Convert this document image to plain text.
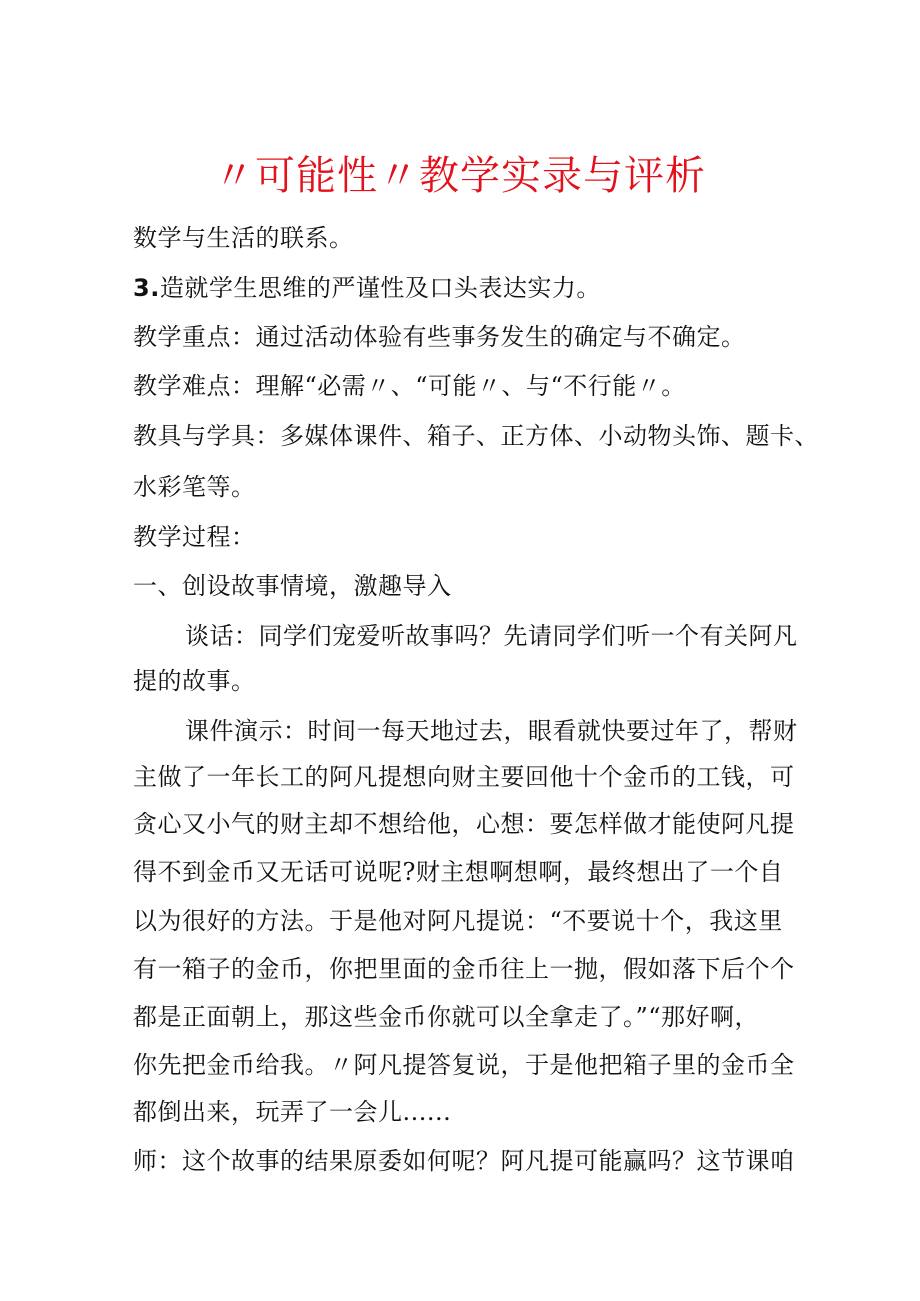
〃可能性〃教学实录与评析
数学与生活的联系。
3.造就学生思维的严谨性及口头表达实力。
教学重点：通过活动体验有些事务发生的确定与不确定。
教学难点：理解“必需〃、“可能〃、与“不行能〃。
教具与学具：多媒体课件、箱子、正方体、小动物头饰、题卡、
水彩笔等。
教学过程：
一、创设故事情境，激趣导入
谈话：同学们宠爱听故事吗？先请同学们听一个有关阿凡
提的故事。
课件演示：时间一每天地过去，眼看就快要过年了，帮财
主做了一年长工的阿凡提想向财主要回他十个金币的工钱，可
贪心又小气的财主却不想给他，心想：要怎样做才能使阿凡提
得不到金币又无话可说呢?财主想啊想啊，最终想出了一个自
以为很好的方法。于是他对阿凡提说：“不要说十个，我这里
有一箱子的金币，你把里面的金币往上一抛，假如落下后个个
都是正面朝上，那这些金币你就可以全拿走了。”“那好啊，
你先把金币给我。〃阿凡提答复说，于是他把箱子里的金币全
都倒出来，玩弄了一会儿......
师：这个故事的结果原委如何呢？阿凡提可能赢吗？这节课咱
